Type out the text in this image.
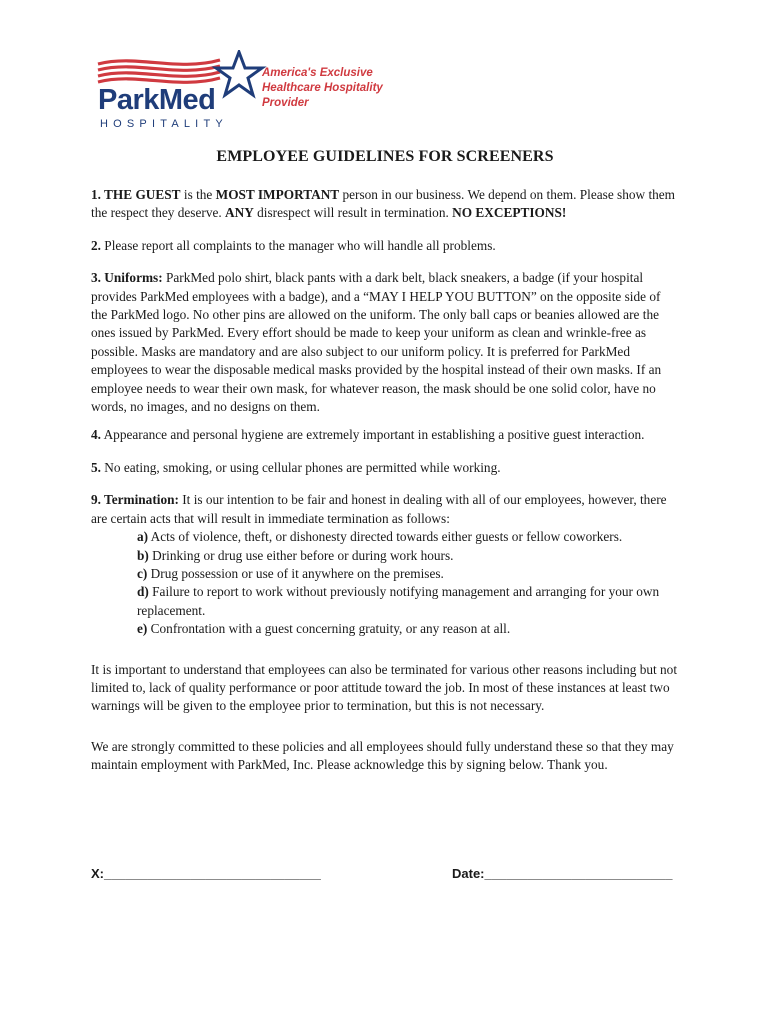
ParkMed
HOSPITALITY
America's Exclusive
Healthcare Hospitality Provider
EMPLOYEE GUIDELINES FOR SCREENERS

1. THE GUEST is the MOST IMPORTANT person in our business. We depend on them. Please show them the respect they deserve. ANY disrespect will result in termination. NO EXCEPTIONS!

2. Please report all complaints to the manager who will handle all problems.

3. Uniforms: ParkMed polo shirt, black pants with a dark belt, black sneakers, a badge (if your hospital provides ParkMed employees with a badge), and a “MAY I HELP YOU BUTTON” on the opposite side of the ParkMed logo. No other pins are allowed on the uniform. The only ball caps or beanies allowed are the ones issued by ParkMed. Every effort should be made to keep your uniform as clean and wrinkle-free as possible. Masks are mandatory and are also subject to our uniform policy. It is preferred for ParkMed employees to wear the disposable medical masks provided by the hospital instead of their own masks. If an employee needs to wear their own mask, for whatever reason, the mask should be one solid color, have no words, no images, and no designs on them.

4. Appearance and personal hygiene are extremely important in establishing a positive guest interaction.

5. No eating, smoking, or using cellular phones are permitted while working.

9. Termination: It is our intention to be fair and honest in dealing with all of our employees, however, there are certain acts that will result in immediate termination as follows:

a) Acts of violence, theft, or dishonesty directed towards either guests or fellow coworkers.
b) Drinking or drug use either before or during work hours.
c) Drug possession or use of it anywhere on the premises.
d) Failure to report to work without previously notifying management and arranging for your own replacement.
e) Confrontation with a guest concerning gratuity, or any reason at all.

It is important to understand that employees can also be terminated for various other reasons including but not limited to, lack of quality performance or poor attitude toward the job. In most of these instances at least two warnings will be given to the employee prior to termination, but this is not necessary.

We are strongly committed to these policies and all employees should fully understand these so that they may maintain employment with ParkMed, Inc. Please acknowledge this by signing below. Thank you.

X:______________________________	Date:__________________________
